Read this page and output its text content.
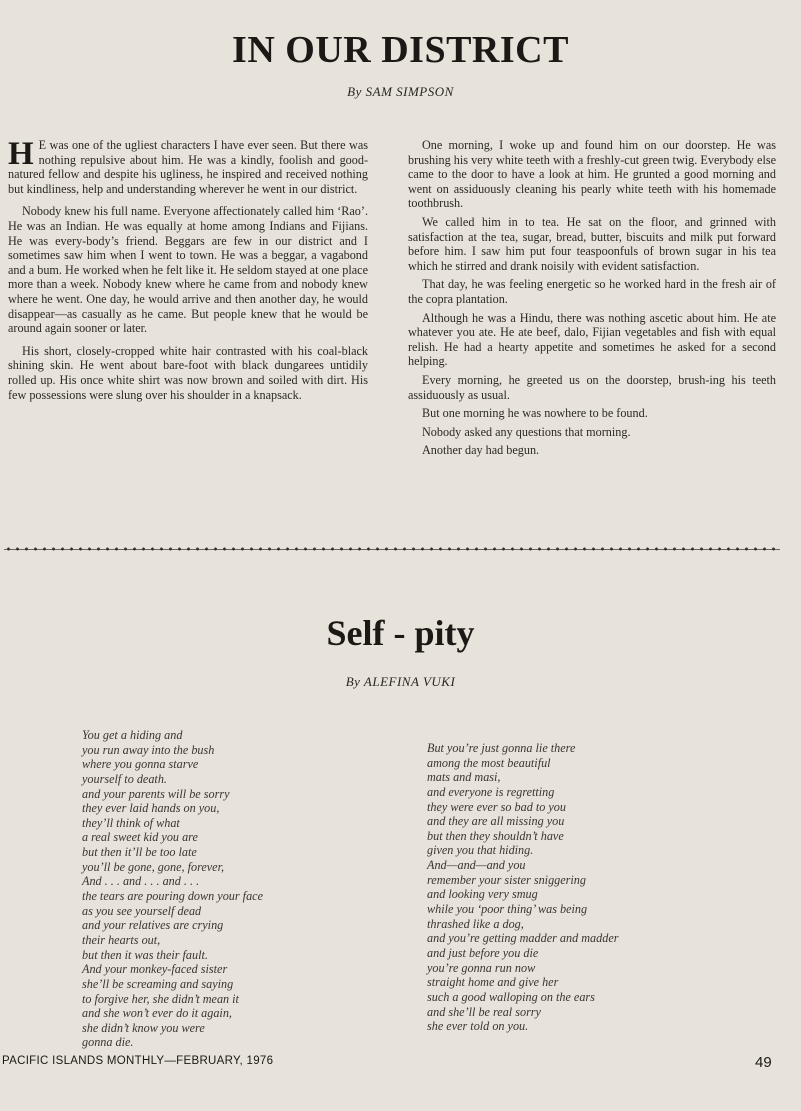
IN OUR DISTRICT
By SAM SIMPSON

H E was one of the ugliest characters I have ever seen. But there was nothing repulsive about him. He was a kindly, foolish and good-natured fellow and despite his ugliness, he inspired and received nothing but kindliness, help and understanding wherever he went in our district.

Nobody knew his full name. Everyone affectionately called him ‘Rao’. He was an Indian. He was equally at home among Indians and Fijians. He was every-body’s friend. Beggars are few in our district and I sometimes saw him when I went to town. He was a beggar, a vagabond and a bum. He worked when he felt like it. He seldom stayed at one place more than a week. Nobody knew where he came from and nobody knew where he went. One day, he would arrive and then another day, he would disappear—as casually as he came. But people knew that he would be around again sooner or later.

His short, closely-cropped white hair contrasted with his coal-black shining skin. He went about bare-foot with black dungarees untidily rolled up. His once white shirt was now brown and soiled with dirt. His few possessions were slung over his shoulder in a knapsack.

One morning, I woke up and found him on our doorstep. He was brushing his very white teeth with a freshly-cut green twig. Everybody else came to the door to have a look at him. He grunted a good morning and went on assiduously cleaning his pearly white teeth with his homemade toothbrush.

We called him in to tea. He sat on the floor, and grinned with satisfaction at the tea, sugar, bread, butter, biscuits and milk put forward before him. I saw him put four teaspoonfuls of brown sugar in his tea which he stirred and drank noisily with evident satisfaction.

That day, he was feeling energetic so he worked hard in the fresh air of the copra plantation.

Although he was a Hindu, there was nothing ascetic about him. He ate whatever you ate. He ate beef, dalo, Fijian vegetables and fish with equal relish. He had a hearty appetite and sometimes he asked for a second helping.

Every morning, he greeted us on the doorstep, brush-ing his teeth assiduously as usual.

But one morning he was nowhere to be found.

Nobody asked any questions that morning.

Another day had begun.

Self - pity
By ALEFINA VUKI
You get a hiding and
you run away into the bush
where you gonna starve
yourself to death.
and your parents will be sorry
they ever laid hands on you,
they’ll think of what
a real sweet kid you are
but then it’ll be too late
you’ll be gone, gone, forever,
And . . . and . . . and . . .
the tears are pouring down your face
as you see yourself dead
and your relatives are crying
their hearts out,
but then it was their fault.
And your monkey-faced sister
she’ll be screaming and saying
to forgive her, she didn’t mean it
and she won’t ever do it again,
she didn’t know you were
gonna die.
But you’re just gonna lie there
among the most beautiful
mats and masi,
and everyone is regretting
they were ever so bad to you
and they are all missing you
but then they shouldn’t have
given you that hiding.
And—and—and you
remember your sister sniggering
and looking very smug
while you ‘poor thing’ was being
thrashed like a dog,
and you’re getting madder and madder
and just before you die
you’re gonna run now
straight home and give her
such a good walloping on the ears
and she’ll be real sorry
she ever told on you.
PACIFIC ISLANDS MONTHLY—FEBRUARY, 1976	49
